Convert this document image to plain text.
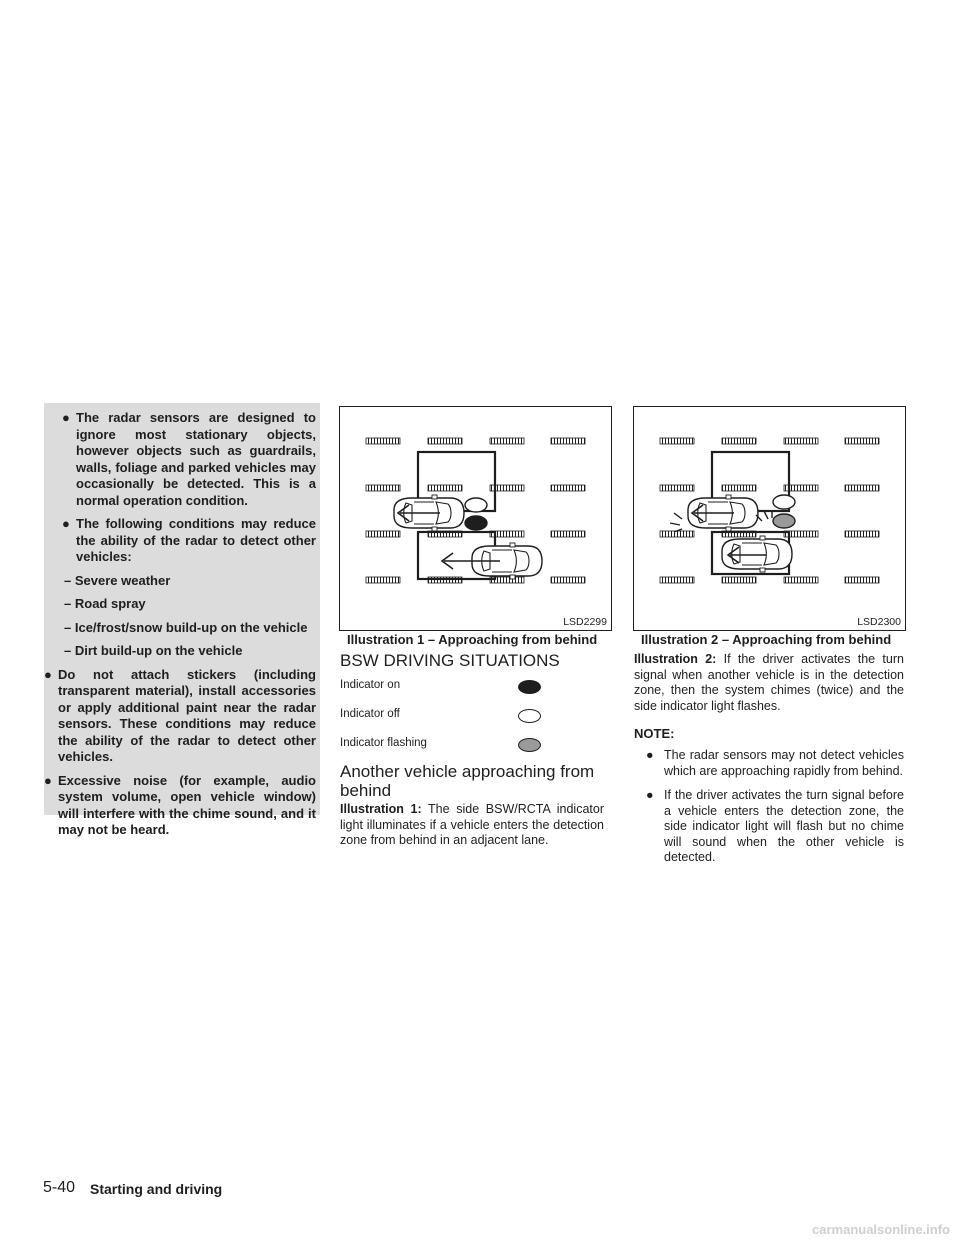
● The radar sensors are designed to ignore most stationary objects, however objects such as guardrails, walls, foliage and parked vehicles may occasionally be detected. This is a normal operation condition.
● The following conditions may reduce the ability of the radar to detect other vehicles:
– Severe weather
– Road spray
– Ice/frost/snow build-up on the vehicle
– Dirt build-up on the vehicle
● Do not attach stickers (including transparent material), install accessories or apply additional paint near the radar sensors. These conditions may reduce the ability of the radar to detect other vehicles.
● Excessive noise (for example, audio system volume, open vehicle window) will interfere with the chime sound, and it may not be heard.
LSD2299
Illustration 1 – Approaching from behind
LSD2300
Illustration 2 – Approaching from behind
BSW DRIVING SITUATIONS
Indicator on
Indicator off
Indicator flashing
Another vehicle approaching from behind
Illustration 1: The side BSW/RCTA indicator light illuminates if a vehicle enters the detection zone from behind in an adjacent lane.
Illustration 2: If the driver activates the turn signal when another vehicle is in the detection zone, then the system chimes (twice) and the side indicator light flashes.
NOTE:
● The radar sensors may not detect vehicles which are approaching rapidly from behind.
● If the driver activates the turn signal before a vehicle enters the detection zone, the side indicator light will flash but no chime will sound when the other vehicle is detected.
5-40 Starting and driving
carmanualsonline.info
